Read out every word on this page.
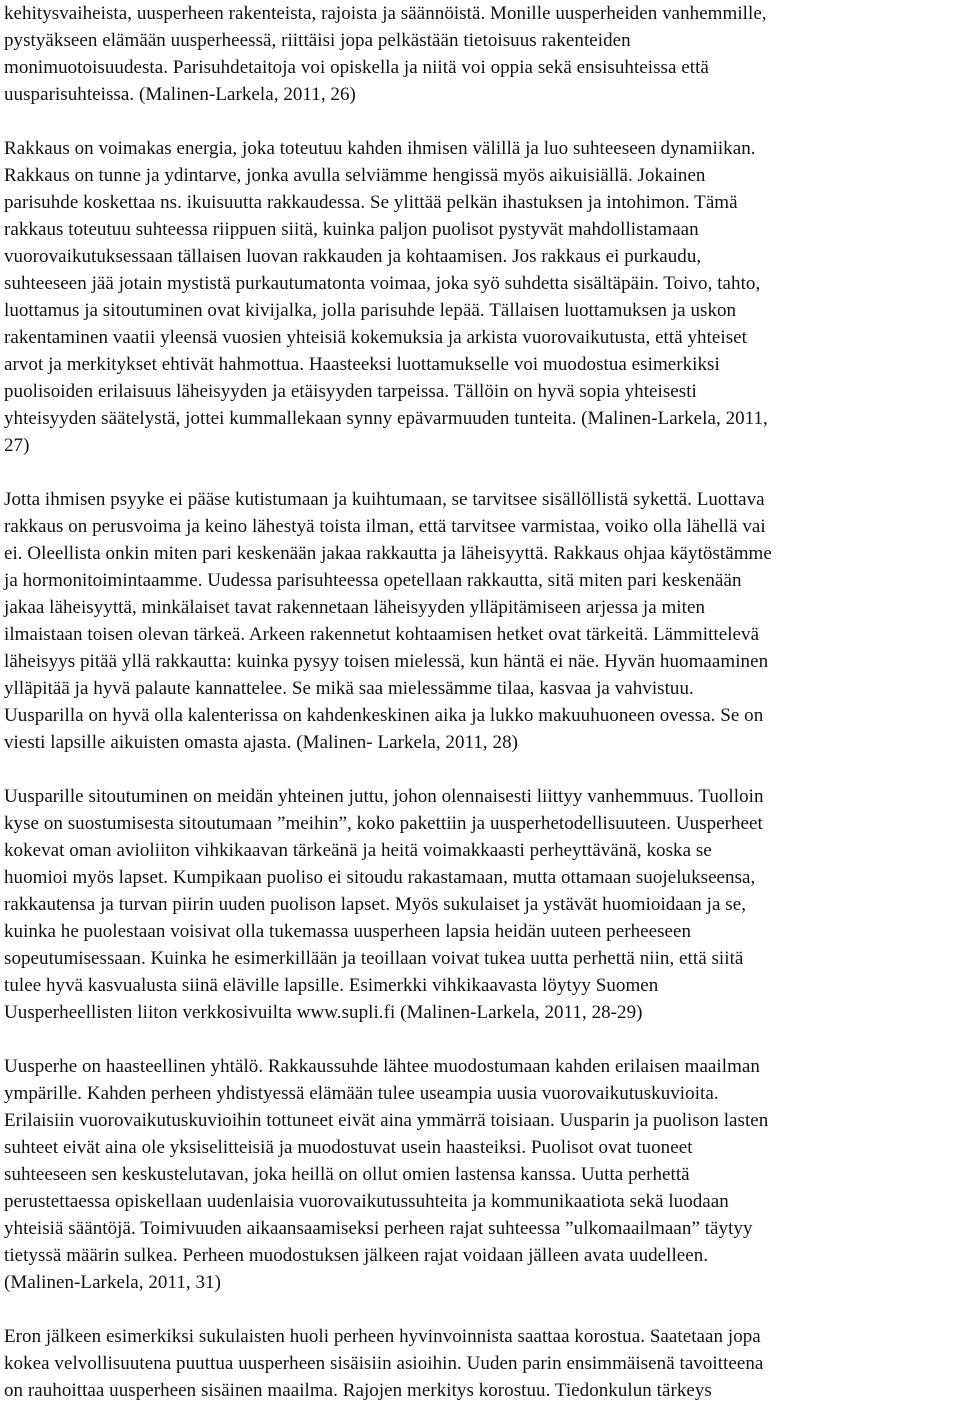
kehitysvaiheista, uusperheen rakenteista, rajoista ja säännöistä. Monille uusperheiden vanhemmille,
pystyäkseen elämään uusperheessä, riittäisi jopa pelkästään tietoisuus rakenteiden
monimuotoisuudesta. Parisuhdetaitoja voi opiskella ja niitä voi oppia sekä ensisuhteissa että
uusparisuhteissa. (Malinen-Larkela, 2011, 26)
Rakkaus on voimakas energia, joka toteutuu kahden ihmisen välillä ja luo suhteeseen dynamiikan.
Rakkaus on tunne ja ydintarve, jonka avulla selviämme hengissä myös aikuisiällä. Jokainen
parisuhde koskettaa ns. ikuisuutta rakkaudessa. Se ylittää pelkän ihastuksen ja intohimon. Tämä
rakkaus toteutuu suhteessa riippuen siitä, kuinka paljon puolisot pystyvät mahdollistamaan
vuorovaikutuksessaan tällaisen luovan rakkauden ja kohtaamisen. Jos rakkaus ei purkaudu,
suhteeseen jää jotain mystistä purkautumatonta voimaa, joka syö suhdetta sisältäpäin. Toivo, tahto,
luottamus ja sitoutuminen ovat kivijalka, jolla parisuhde lepää. Tällaisen luottamuksen ja uskon
rakentaminen vaatii yleensä vuosien yhteisiä kokemuksia ja arkista vuorovaikutusta, että yhteiset
arvot ja merkitykset ehtivät hahmottua. Haasteeksi luottamukselle voi muodostua esimerkiksi
puolisoiden erilaisuus läheisyyden ja etäisyyden tarpeissa. Tällöin on hyvä sopia yhteisesti
yhteisyyden säätelystä, jottei kummallekaan synny epävarmuuden tunteita. (Malinen-Larkela, 2011,
27)
Jotta ihmisen psyyke ei pääse kutistumaan ja kuihtumaan, se tarvitsee sisällöllistä sykettä. Luottava
rakkaus on perusvoima ja keino lähestyä toista ilman, että tarvitsee varmistaa, voiko olla lähellä vai
ei. Oleellista onkin miten pari keskenään jakaa rakkautta ja läheisyyttä. Rakkaus ohjaa käytöstämme
ja hormonitoimintaamme. Uudessa parisuhteessa opetellaan rakkautta, sitä miten pari keskenään
jakaa läheisyyttä, minkälaiset tavat rakennetaan läheisyyden ylläpitämiseen arjessa ja miten
ilmaistaan toisen olevan tärkeä. Arkeen rakennetut kohtaamisen hetket ovat tärkeitä. Lämmittelevä
läheisyys pitää yllä rakkautta: kuinka pysyy toisen mielessä, kun häntä ei näe. Hyvän huomaaminen
ylläpitää ja hyvä palaute kannattelee. Se mikä saa mielessämme tilaa, kasvaa ja vahvistuu.
Uusparilla on hyvä olla kalenterissa on kahdenkeskinen aika ja lukko makuuhuoneen ovessa. Se on
viesti lapsille aikuisten omasta ajasta. (Malinen- Larkela, 2011, 28)
Uusparille sitoutuminen on meidän yhteinen juttu, johon olennaisesti liittyy vanhemmuus. Tuolloin
kyse on suostumisesta sitoutumaan ”meihin”, koko pakettiin ja uusperhetodellisuuteen. Uusperheet
kokevat oman avioliiton vihkikaavan tärkeänä ja heitä voimakkaasti perheyttävänä, koska se
huomioi myös lapset. Kumpikaan puoliso ei sitoudu rakastamaan, mutta ottamaan suojelukseensa,
rakkautensa ja turvan piirin uuden puolison lapset. Myös sukulaiset ja ystävät huomioidaan ja se,
kuinka he puolestaan voisivat olla tukemassa uusperheen lapsia heidän uuteen perheeseen
sopeutumisessaan. Kuinka he esimerkillään ja teoillaan voivat tukea uutta perhettä niin, että siitä
tulee hyvä kasvualusta siinä eläville lapsille. Esimerkki vihkikaavasta löytyy Suomen
Uusperheellisten liiton verkkosivuilta www.supli.fi (Malinen-Larkela, 2011, 28-29)
Uusperhe on haasteellinen yhtälö. Rakkaussuhde lähtee muodostumaan kahden erilaisen maailman
ympärille. Kahden perheen yhdistyessä elämään tulee useampia uusia vuorovaikutuskuvioita.
Erilaisiin vuorovaikutuskuvioihin tottuneet eivät aina ymmärrä toisiaan. Uusparin ja puolison lasten
suhteet eivät aina ole yksiselitteisiä ja muodostuvat usein haasteiksi. Puolisot ovat tuoneet
suhteeseen sen keskustelutavan, joka heillä on ollut omien lastensa kanssa. Uutta perhettä
perustettaessa opiskellaan uudenlaisia vuorovaikutussuhteita ja kommunikaatiota sekä luodaan
yhteisiä sääntöjä. Toimivuuden aikaansaamiseksi perheen rajat suhteessa ”ulkomaailmaan” täytyy
tietyssä määrin sulkea. Perheen muodostuksen jälkeen rajat voidaan jälleen avata uudelleen.
(Malinen-Larkela, 2011, 31)
Eron jälkeen esimerkiksi sukulaisten huoli perheen hyvinvoinnista saattaa korostua. Saatetaan jopa
kokea velvollisuutena puuttua uusperheen sisäisiin asioihin. Uuden parin ensimmäisenä tavoitteena
on rauhoittaa uusperheen sisäinen maailma. Rajojen merkitys korostuu. Tiedonkulun tärkeys
